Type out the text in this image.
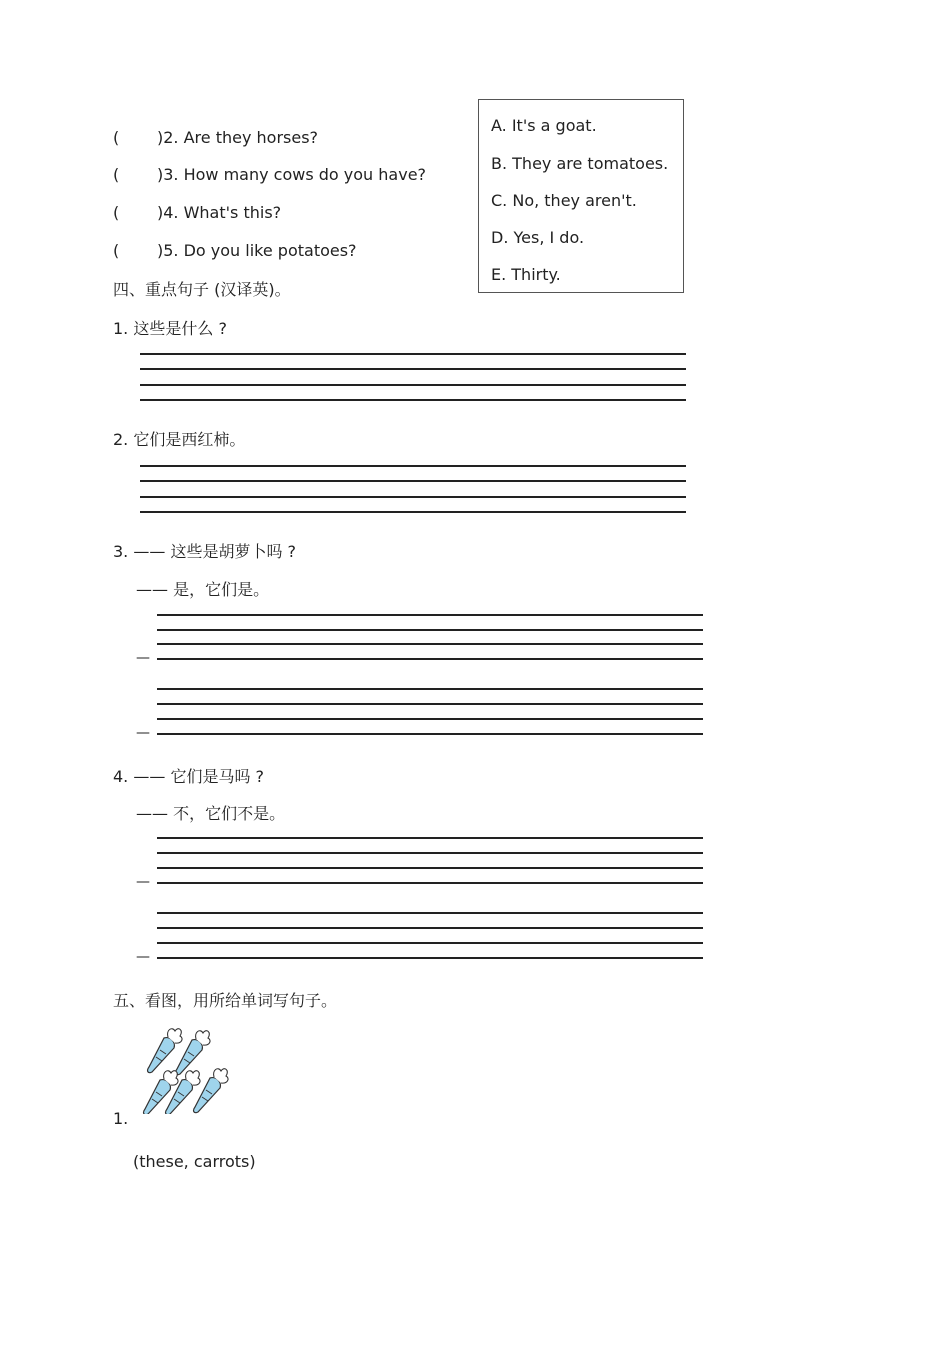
( )2. Are they horses?
( )3. How many cows do you have?
( )4. What's this?
( )5. Do you like potatoes?
A. It's a goat.
B. They are tomatoes.
C. No, they aren't.
D. Yes, I do.
E. Thirty.
四、重点句子 (汉译英)。
1. 这些是什么 ?
2. 它们是西红柿。
3. —— 这些是胡萝卜吗 ?
—— 是，它们是。
—
—
4. —— 它们是马吗 ?
—— 不，它们不是。
—
—
五、看图，用所给单词写句子。
1.
(these, carrots)
